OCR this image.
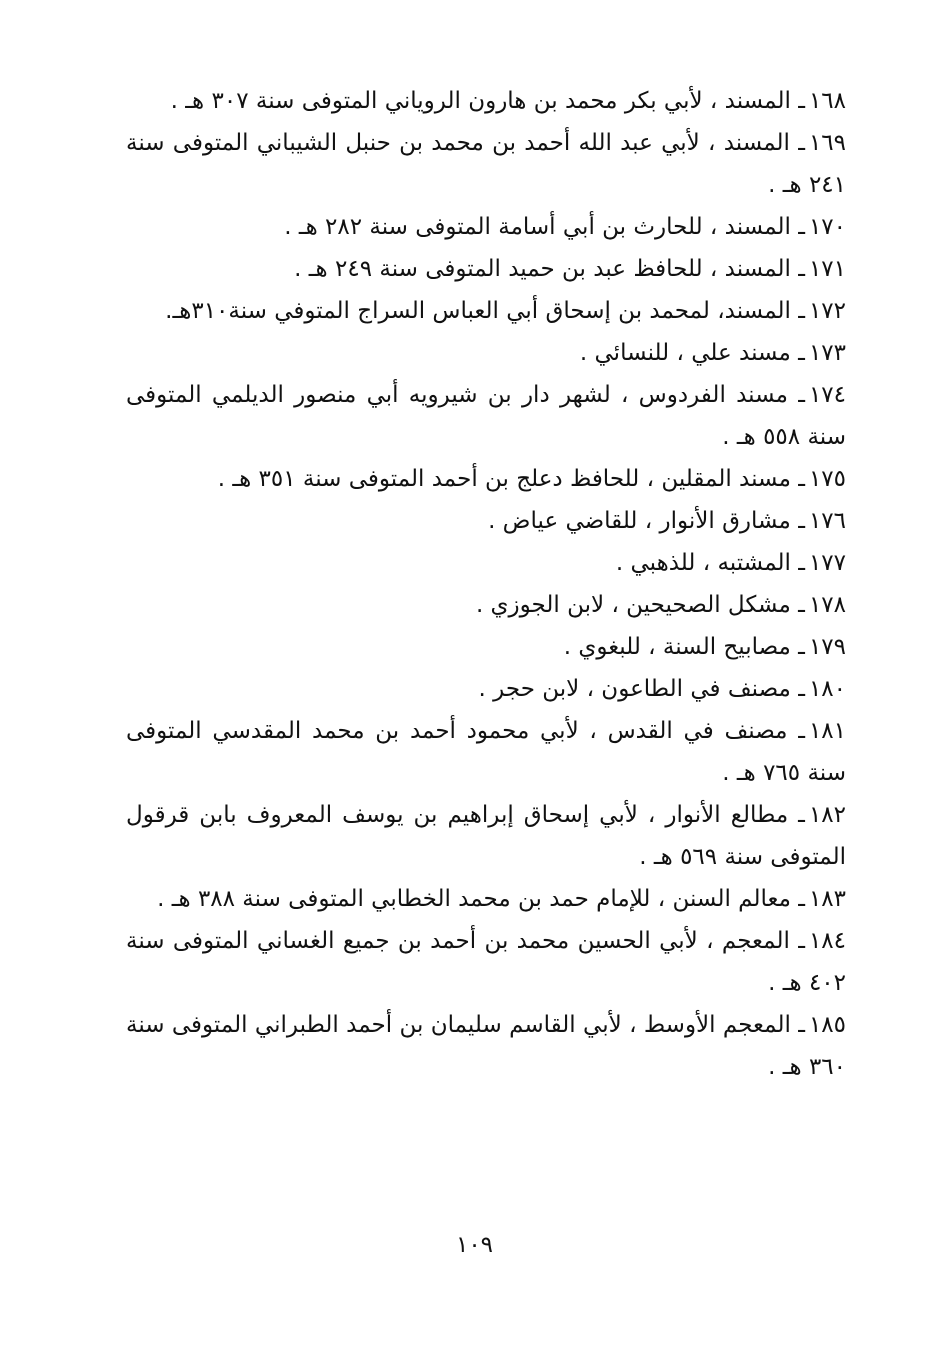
١٦٨ـ المسند ، لأبي بكر محمد بن هارون الروياني المتوفى سنة ٣٠٧ هـ .

١٦٩ـ المسند ، لأبي عبد الله أحمد بن محمد بن حنبل الشيباني المتوفى سنة ٢٤١ هـ .

١٧٠ـ المسند ، للحارث بن أبي أسامة المتوفى سنة ٢٨٢ هـ .

١٧١ـ المسند ، للحافظ عبد بن حميد المتوفى سنة ٢٤٩ هـ .

١٧٢ـ المسند، لمحمد بن إسحاق أبي العباس السراج المتوفي سنة٣١٠هـ.

١٧٣ـ مسند علي ، للنسائي .

١٧٤ـ مسند الفردوس ، لشهر دار بن شيرويه أبي منصور الديلمي المتوفى سنة ٥٥٨ هـ .

١٧٥ـ مسند المقلين ، للحافظ دعلج بن أحمد المتوفى سنة ٣٥١ هـ .

١٧٦ـ مشارق الأنوار ، للقاضي عياض .

١٧٧ـ المشتبه ، للذهبي .

١٧٨ـ مشكل الصحيحين ، لابن الجوزي .

١٧٩ـ مصابيح السنة ، للبغوي .

١٨٠ـ مصنف في الطاعون ، لابن حجر .

١٨١ـ مصنف في القدس ، لأبي محمود أحمد بن محمد المقدسي المتوفى سنة ٧٦٥ هـ .

١٨٢ـ مطالع الأنوار ، لأبي إسحاق إبراهيم بن يوسف المعروف بابن قرقول المتوفى سنة ٥٦٩ هـ .

١٨٣ـ معالم السنن ، للإمام حمد بن محمد الخطابي المتوفى سنة ٣٨٨ هـ .

١٨٤ـ المعجم ، لأبي الحسين محمد بن أحمد بن جميع الغساني المتوفى سنة ٤٠٢ هـ .

١٨٥ـ المعجم الأوسط ، لأبي القاسم سليمان بن أحمد الطبراني المتوفى سنة ٣٦٠ هـ .

١٠٩
